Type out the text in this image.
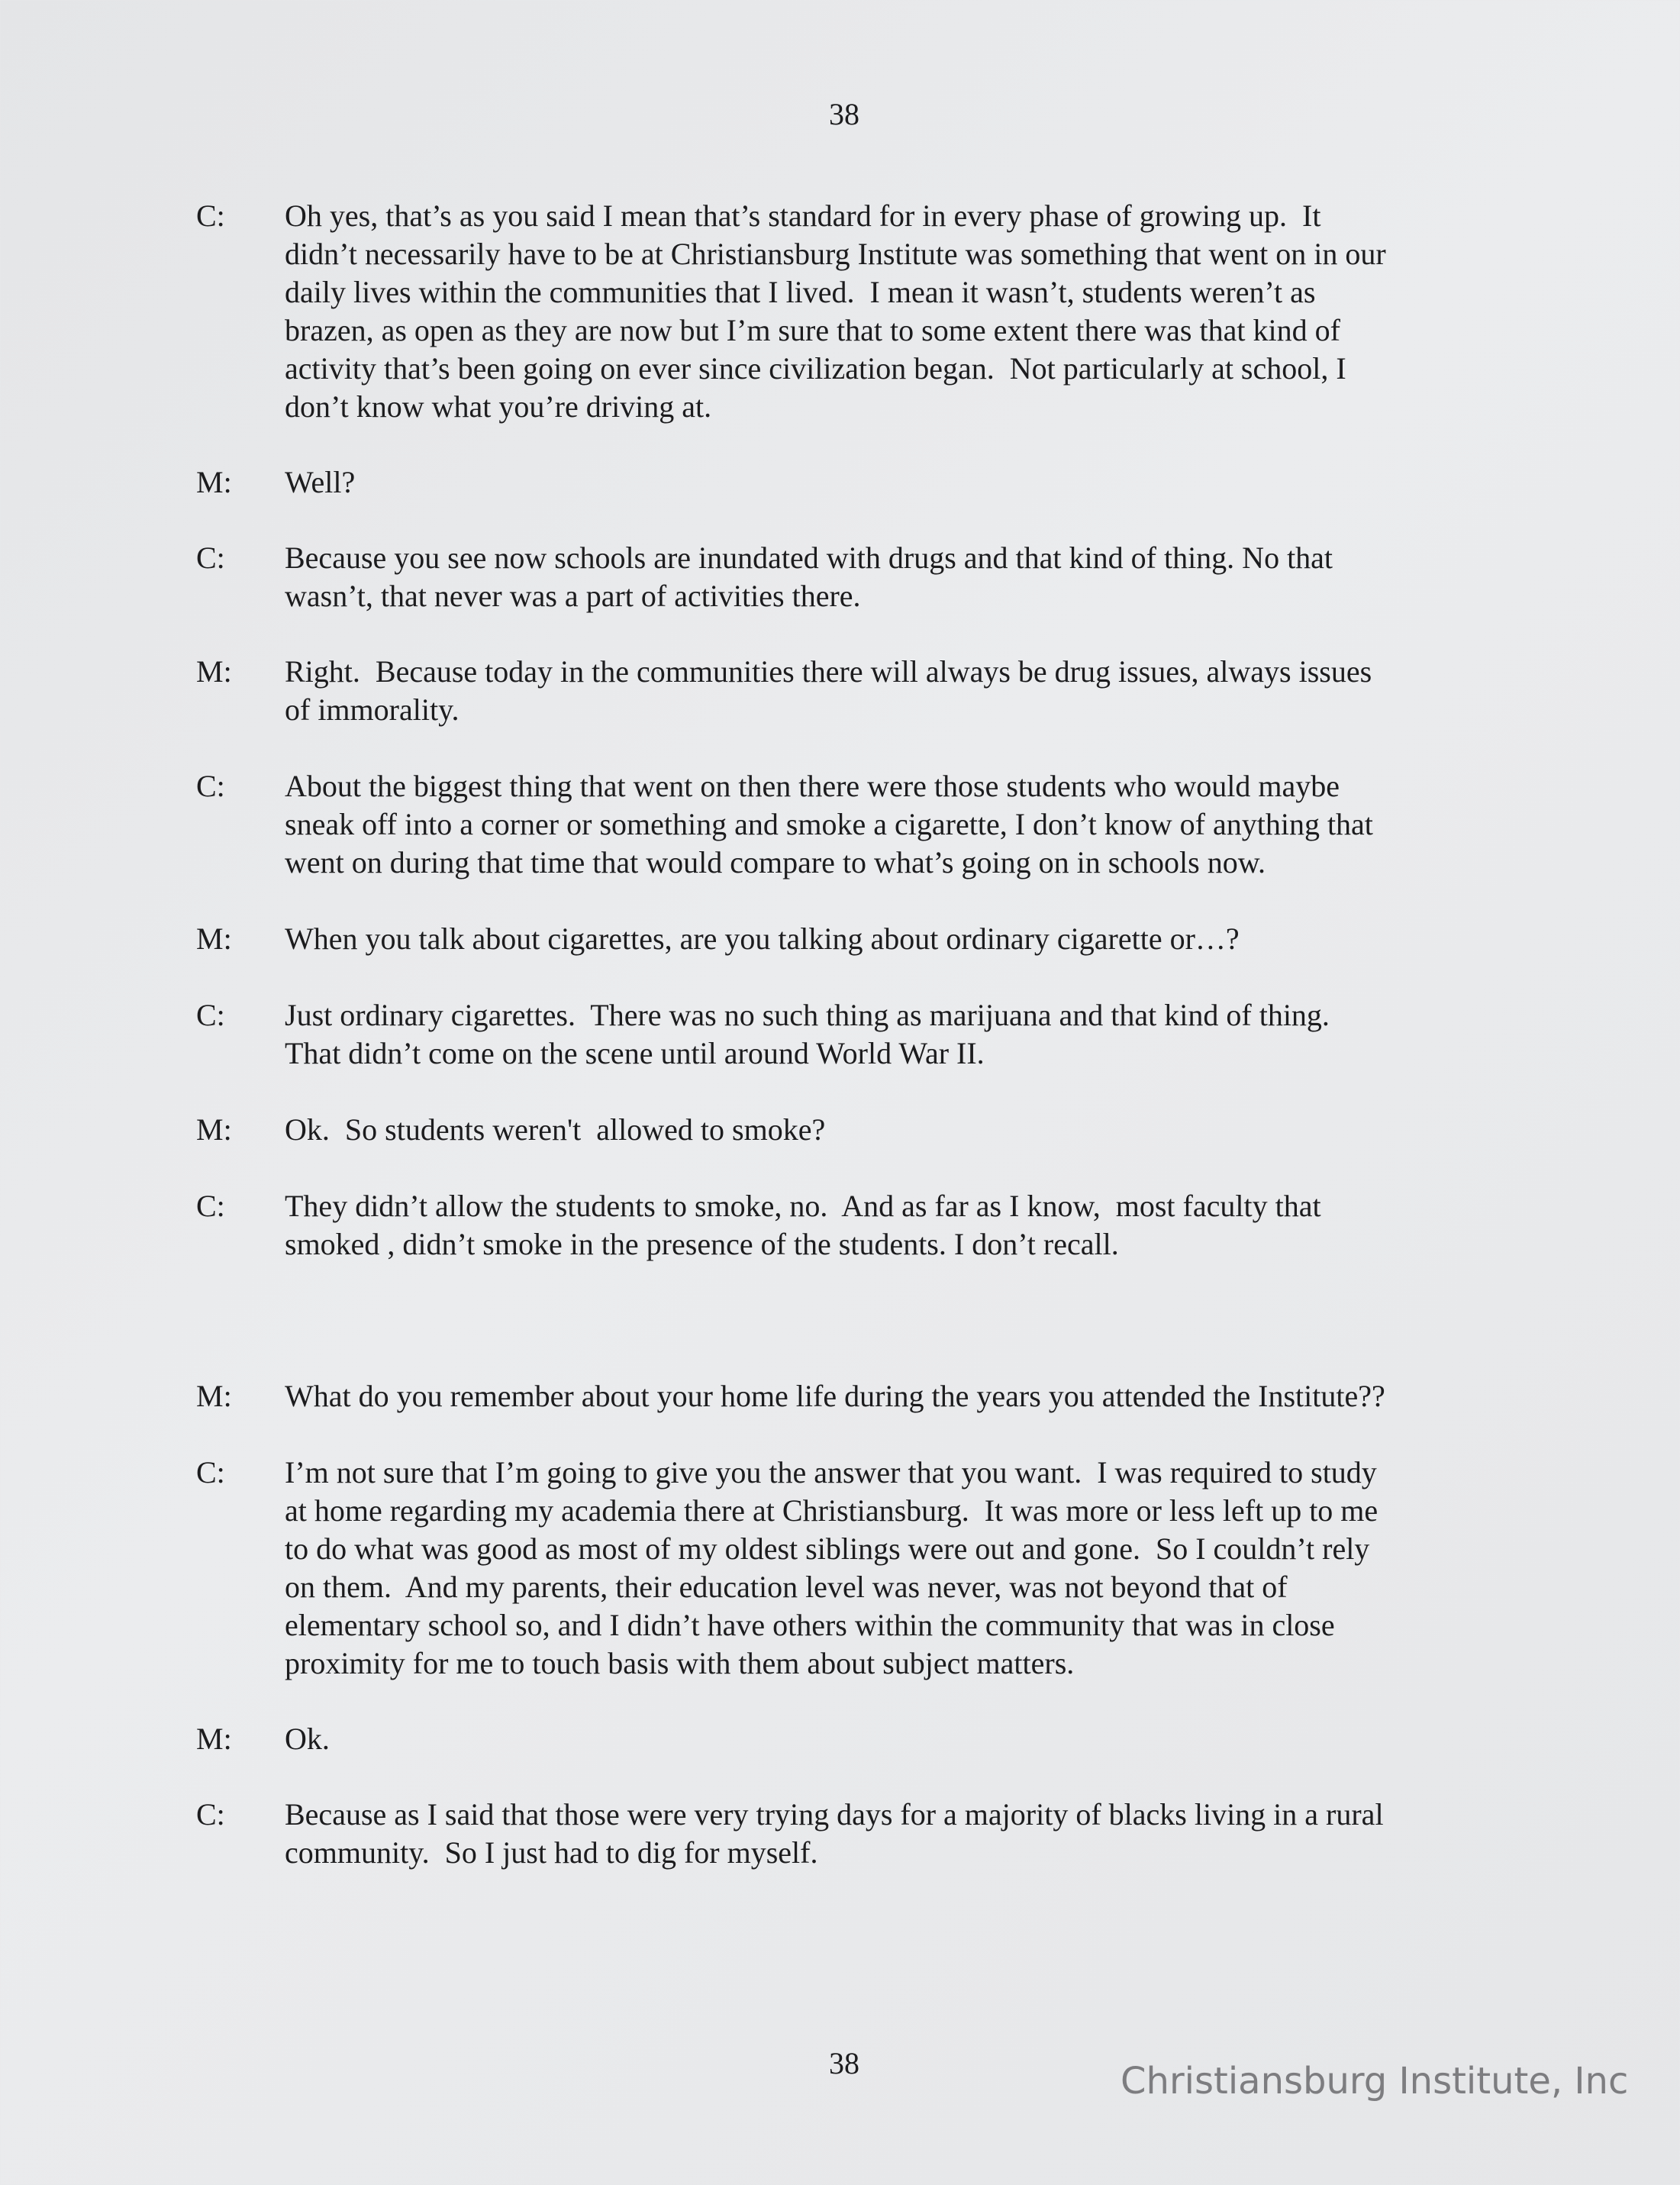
38
C: Oh yes, that’s as you said I mean that’s standard for in every phase of growing up.  It
didn’t necessarily have to be at Christiansburg Institute was something that went on in our
daily lives within the communities that I lived.  I mean it wasn’t, students weren’t as
brazen, as open as they are now but I’m sure that to some extent there was that kind of
activity that’s been going on ever since civilization began.  Not particularly at school, I
don’t know what you’re driving at.

M: Well?

C: Because you see now schools are inundated with drugs and that kind of thing. No that
wasn’t, that never was a part of activities there.

M: Right.  Because today in the communities there will always be drug issues, always issues
of immorality.

C: About the biggest thing that went on then there were those students who would maybe
sneak off into a corner or something and smoke a cigarette, I don’t know of anything that
went on during that time that would compare to what’s going on in schools now.

M: When you talk about cigarettes, are you talking about ordinary cigarette or…?

C: Just ordinary cigarettes.  There was no such thing as marijuana and that kind of thing.
That didn’t come on the scene until around World War II.

M: Ok.  So students weren't  allowed to smoke?

C: They didn’t allow the students to smoke, no.  And as far as I know,  most faculty that
smoked , didn’t smoke in the presence of the students. I don’t recall.

M: What do you remember about your home life during the years you attended the Institute??

C: I’m not sure that I’m going to give you the answer that you want.  I was required to study
at home regarding my academia there at Christiansburg.  It was more or less left up to me
to do what was good as most of my oldest siblings were out and gone.  So I couldn’t rely
on them.  And my parents, their education level was never, was not beyond that of
elementary school so, and I didn’t have others within the community that was in close
proximity for me to touch basis with them about subject matters.

M: Ok.

C: Because as I said that those were very trying days for a majority of blacks living in a rural
community.  So I just had to dig for myself.

38	Christiansburg Institute, Inc
